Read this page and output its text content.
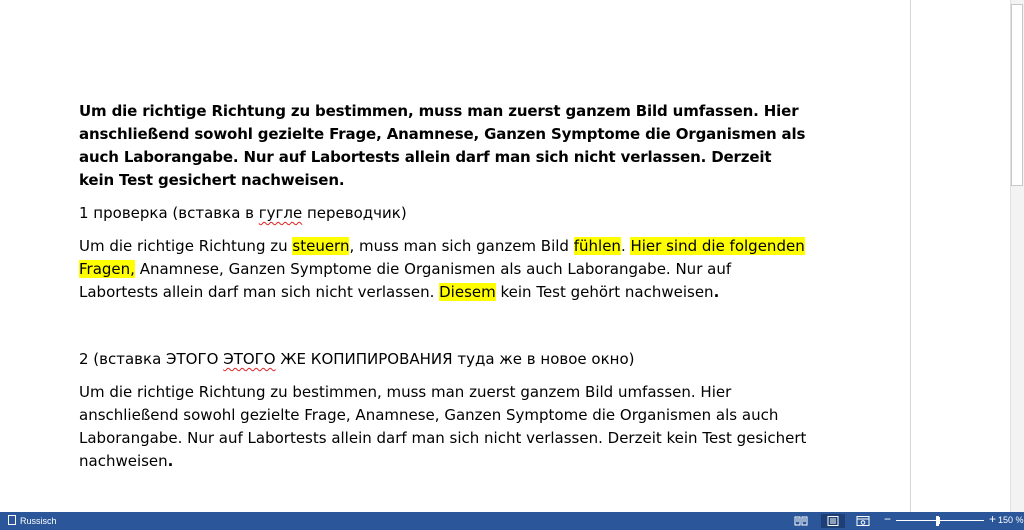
Um die richtige Richtung zu bestimmen, muss man zuerst ganzem Bild umfassen. Hier anschließend sowohl gezielte Frage, Anamnese, Ganzen Symptome die Organismen als auch Laborangabe. Nur auf Labortests allein darf man sich nicht verlassen. Derzeit kein Test gesichert nachweisen.

1 проверка (вставка в гугле переводчик)

Um die richtige Richtung zu steuern, muss man sich ganzem Bild fühlen. Hier sind die folgenden Fragen, Anamnese, Ganzen Symptome die Organismen als auch Laborangabe. Nur auf Labortests allein darf man sich nicht verlassen. Diesem kein Test gehört nachweisen.

2 (вставка ЭТОГО ЭТОГО ЖЕ КОПИПИРОВАНИЯ туда же в новое окно)

Um die richtige Richtung zu bestimmen, muss man zuerst ganzem Bild umfassen. Hier anschließend sowohl gezielte Frage, Anamnese, Ganzen Symptome die Organismen als auch Laborangabe. Nur auf Labortests allein darf man sich nicht verlassen. Derzeit kein Test gesichert nachweisen.

Russisch	−	+ 150 %
